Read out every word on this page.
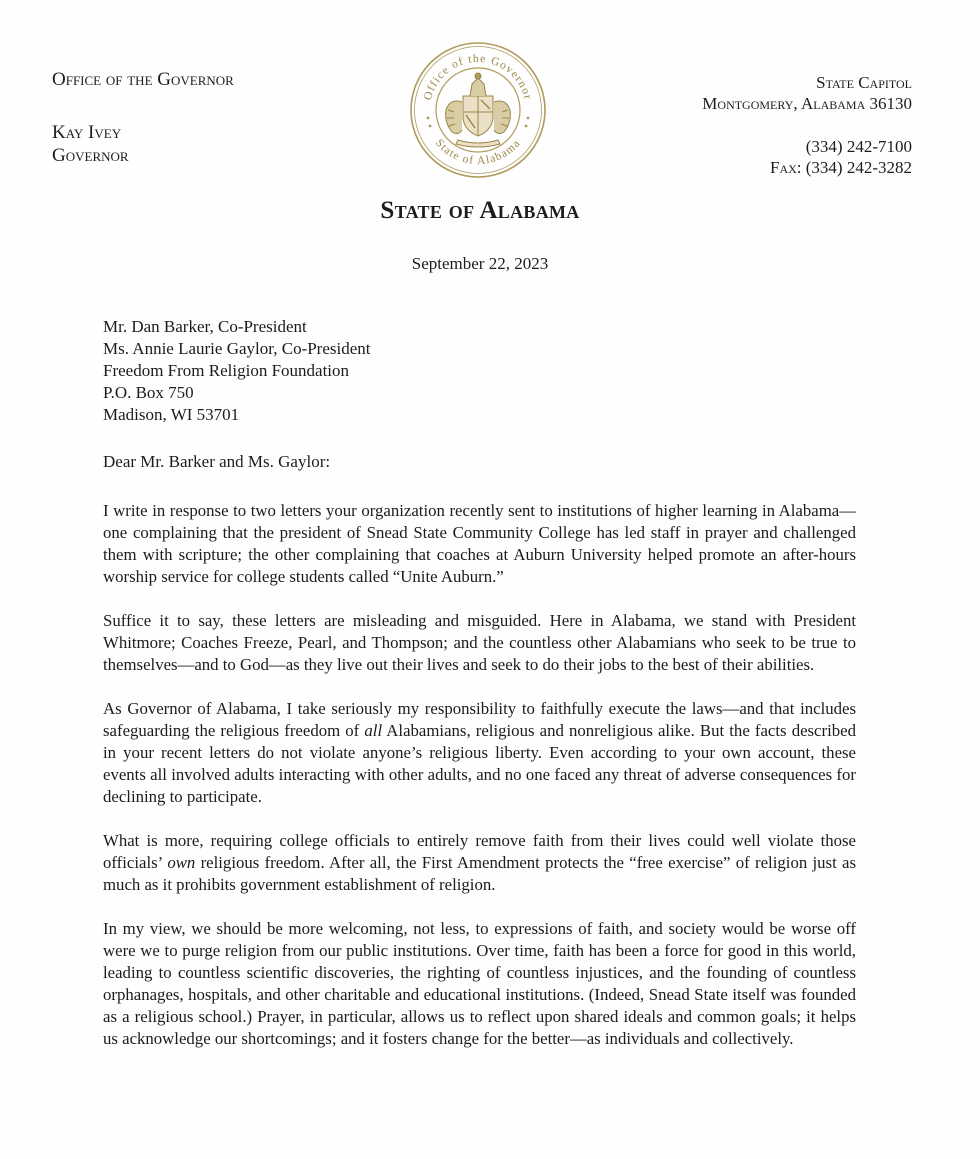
Office of the Governor
Kay Ivey
Governor
Office of the Governor
State of Alabama
State Capitol
Montgomery, Alabama 36130
(334) 242-7100
Fax: (334) 242-3282
State of Alabama
September 22, 2023
Mr. Dan Barker, Co-President
Ms. Annie Laurie Gaylor, Co-President
Freedom From Religion Foundation
P.O. Box 750
Madison, WI 53701
Dear Mr. Barker and Ms. Gaylor:

I write in response to two letters your organization recently sent to institutions of higher learning in Alabama—one complaining that the president of Snead State Community College has led staff in prayer and challenged them with scripture; the other complaining that coaches at Auburn University helped promote an after-hours worship service for college students called “Unite Auburn.”

Suffice it to say, these letters are misleading and misguided. Here in Alabama, we stand with President Whitmore; Coaches Freeze, Pearl, and Thompson; and the countless other Alabamians who seek to be true to themselves—and to God—as they live out their lives and seek to do their jobs to the best of their abilities.

As Governor of Alabama, I take seriously my responsibility to faithfully execute the laws—and that includes safeguarding the religious freedom of all Alabamians, religious and nonreligious alike. But the facts described in your recent letters do not violate anyone’s religious liberty. Even according to your own account, these events all involved adults interacting with other adults, and no one faced any threat of adverse consequences for declining to participate.

What is more, requiring college officials to entirely remove faith from their lives could well violate those officials’ own religious freedom. After all, the First Amendment protects the “free exercise” of religion just as much as it prohibits government establishment of religion.

In my view, we should be more welcoming, not less, to expressions of faith, and society would be worse off were we to purge religion from our public institutions. Over time, faith has been a force for good in this world, leading to countless scientific discoveries, the righting of countless injustices, and the founding of countless orphanages, hospitals, and other charitable and educational institutions. (Indeed, Snead State itself was founded as a religious school.) Prayer, in particular, allows us to reflect upon shared ideals and common goals; it helps us acknowledge our shortcomings; and it fosters change for the better—as individuals and collectively.
